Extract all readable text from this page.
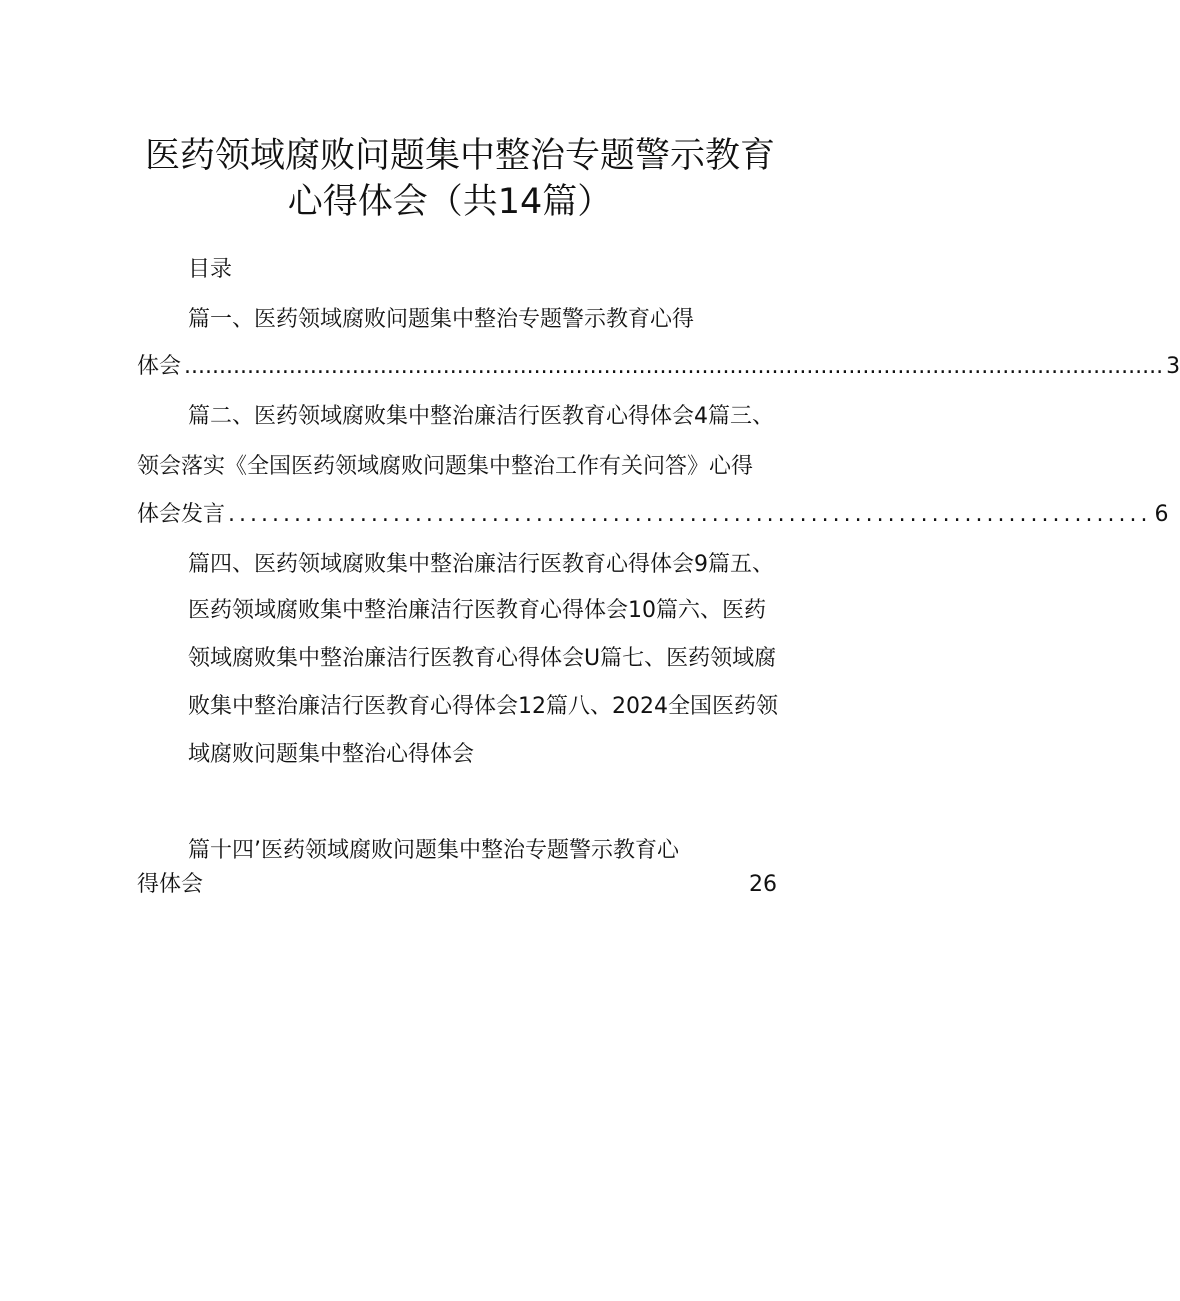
医药领域腐败问题集中整治专题警示教育
心得体会（共14篇）
目录
篇一、医药领域腐败问题集中整治专题警示教育心得
体会 ............................................................................................................................................ 3
篇二、医药领域腐败集中整治廉洁行医教育心得体会4篇三、
领会落实《全国医药领域腐败问题集中整治工作有关问答》心得
体会发言 .................................................................................... 6
篇四、医药领域腐败集中整治廉洁行医教育心得体会9篇五、
医药领域腐败集中整治廉洁行医教育心得体会10篇六、医药
领域腐败集中整治廉洁行医教育心得体会U篇七、医药领域腐
败集中整治廉洁行医教育心得体会12篇八、2024全国医药领
域腐败问题集中整治心得体会
篇十四’医药领域腐败问题集中整治专题警示教育心
得体会	26
